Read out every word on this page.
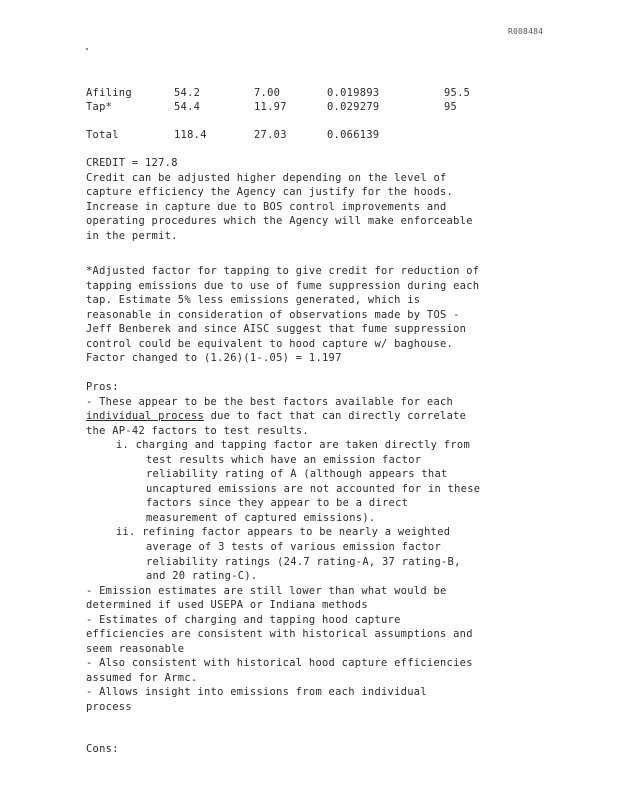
R008484
Afiling	54.2	7.00	0.019893	95.5
Tap*	54.4	11.97	0.029279	95
Total	118.4	27.03	0.066139
CREDIT = 127.8
Credit can be adjusted higher depending on the level of
capture efficiency the Agency can justify for the hoods.
Increase in capture due to BOS control improvements and
operating procedures which the Agency will make enforceable
in the permit.
*Adjusted factor for tapping to give credit for reduction of
tapping emissions due to use of fume suppression during each
tap. Estimate 5% less emissions generated, which is
reasonable in consideration of observations made by TOS -
Jeff Benberek and since AISC suggest that fume suppression
control could be equivalent to hood capture w/ baghouse.
Factor changed to (1.26)(1-.05) = 1.197
Pros:
- These appear to be the best factors available for each
individual process due to fact that can directly correlate
the AP-42 factors to test results.
i. charging and tapping factor are taken directly from
test results which have an emission factor
reliability rating of A (although appears that
uncaptured emissions are not accounted for in these
factors since they appear to be a direct
measurement of captured emissions).
ii. refining factor appears to be nearly a weighted
average of 3 tests of various emission factor
reliability ratings (24.7 rating-A, 37 rating-B,
and 20 rating-C).
- Emission estimates are still lower than what would be
determined if used USEPA or Indiana methods
- Estimates of charging and tapping hood capture
efficiencies are consistent with historical assumptions and
seem reasonable
- Also consistent with historical hood capture efficiencies
assumed for Armc.
- Allows insight into emissions from each individual
process
Cons:
